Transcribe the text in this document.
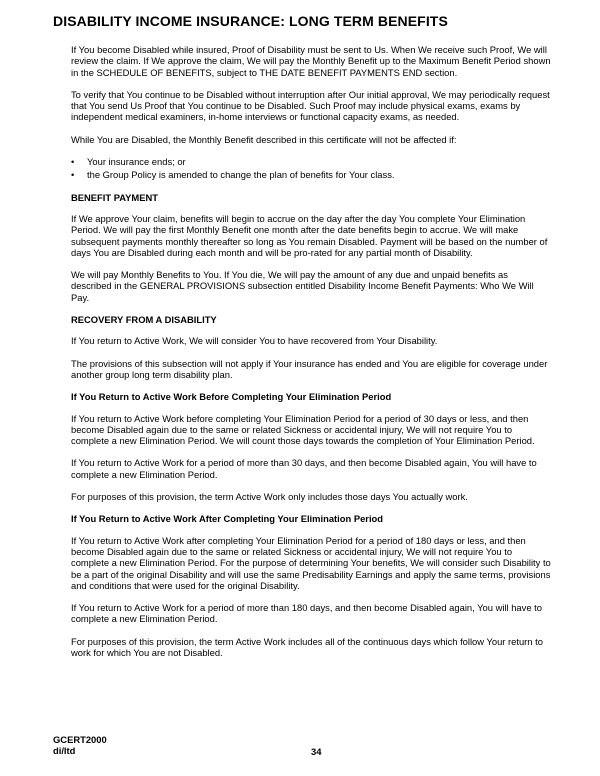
DISABILITY INCOME INSURANCE: LONG TERM BENEFITS

If You become Disabled while insured, Proof of Disability must be sent to Us. When We receive such Proof, We will review the claim. If We approve the claim, We will pay the Monthly Benefit up to the Maximum Benefit Period shown in the SCHEDULE OF BENEFITS, subject to THE DATE BENEFIT PAYMENTS END section.

To verify that You continue to be Disabled without interruption after Our initial approval, We may periodically request that You send Us Proof that You continue to be Disabled. Such Proof may include physical exams, exams by independent medical examiners, in-home interviews or functional capacity exams, as needed.

While You are Disabled, the Monthly Benefit described in this certificate will not be affected if:

• Your insurance ends; or
• the Group Policy is amended to change the plan of benefits for Your class.
BENEFIT PAYMENT

If We approve Your claim, benefits will begin to accrue on the day after the day You complete Your Elimination Period. We will pay the first Monthly Benefit one month after the date benefits begin to accrue. We will make subsequent payments monthly thereafter so long as You remain Disabled. Payment will be based on the number of days You are Disabled during each month and will be pro-rated for any partial month of Disability.

We will pay Monthly Benefits to You. If You die, We will pay the amount of any due and unpaid benefits as described in the GENERAL PROVISIONS subsection entitled Disability Income Benefit Payments: Who We Will Pay.

RECOVERY FROM A DISABILITY

If You return to Active Work, We will consider You to have recovered from Your Disability.

The provisions of this subsection will not apply if Your insurance has ended and You are eligible for coverage under another group long term disability plan.

If You Return to Active Work Before Completing Your Elimination Period

If You return to Active Work before completing Your Elimination Period for a period of 30 days or less, and then become Disabled again due to the same or related Sickness or accidental injury, We will not require You to complete a new Elimination Period. We will count those days towards the completion of Your Elimination Period.

If You return to Active Work for a period of more than 30 days, and then become Disabled again, You will have to complete a new Elimination Period.

For purposes of this provision, the term Active Work only includes those days You actually work.

If You Return to Active Work After Completing Your Elimination Period

If You return to Active Work after completing Your Elimination Period for a period of 180 days or less, and then become Disabled again due to the same or related Sickness or accidental injury, We will not require You to complete a new Elimination Period. For the purpose of determining Your benefits, We will consider such Disability to be a part of the original Disability and will use the same Predisability Earnings and apply the same terms, provisions and conditions that were used for the original Disability.

If You return to Active Work for a period of more than 180 days, and then become Disabled again, You will have to complete a new Elimination Period.

For purposes of this provision, the term Active Work includes all of the continuous days which follow Your return to work for which You are not Disabled.

GCERT2000
di/ltd	34
